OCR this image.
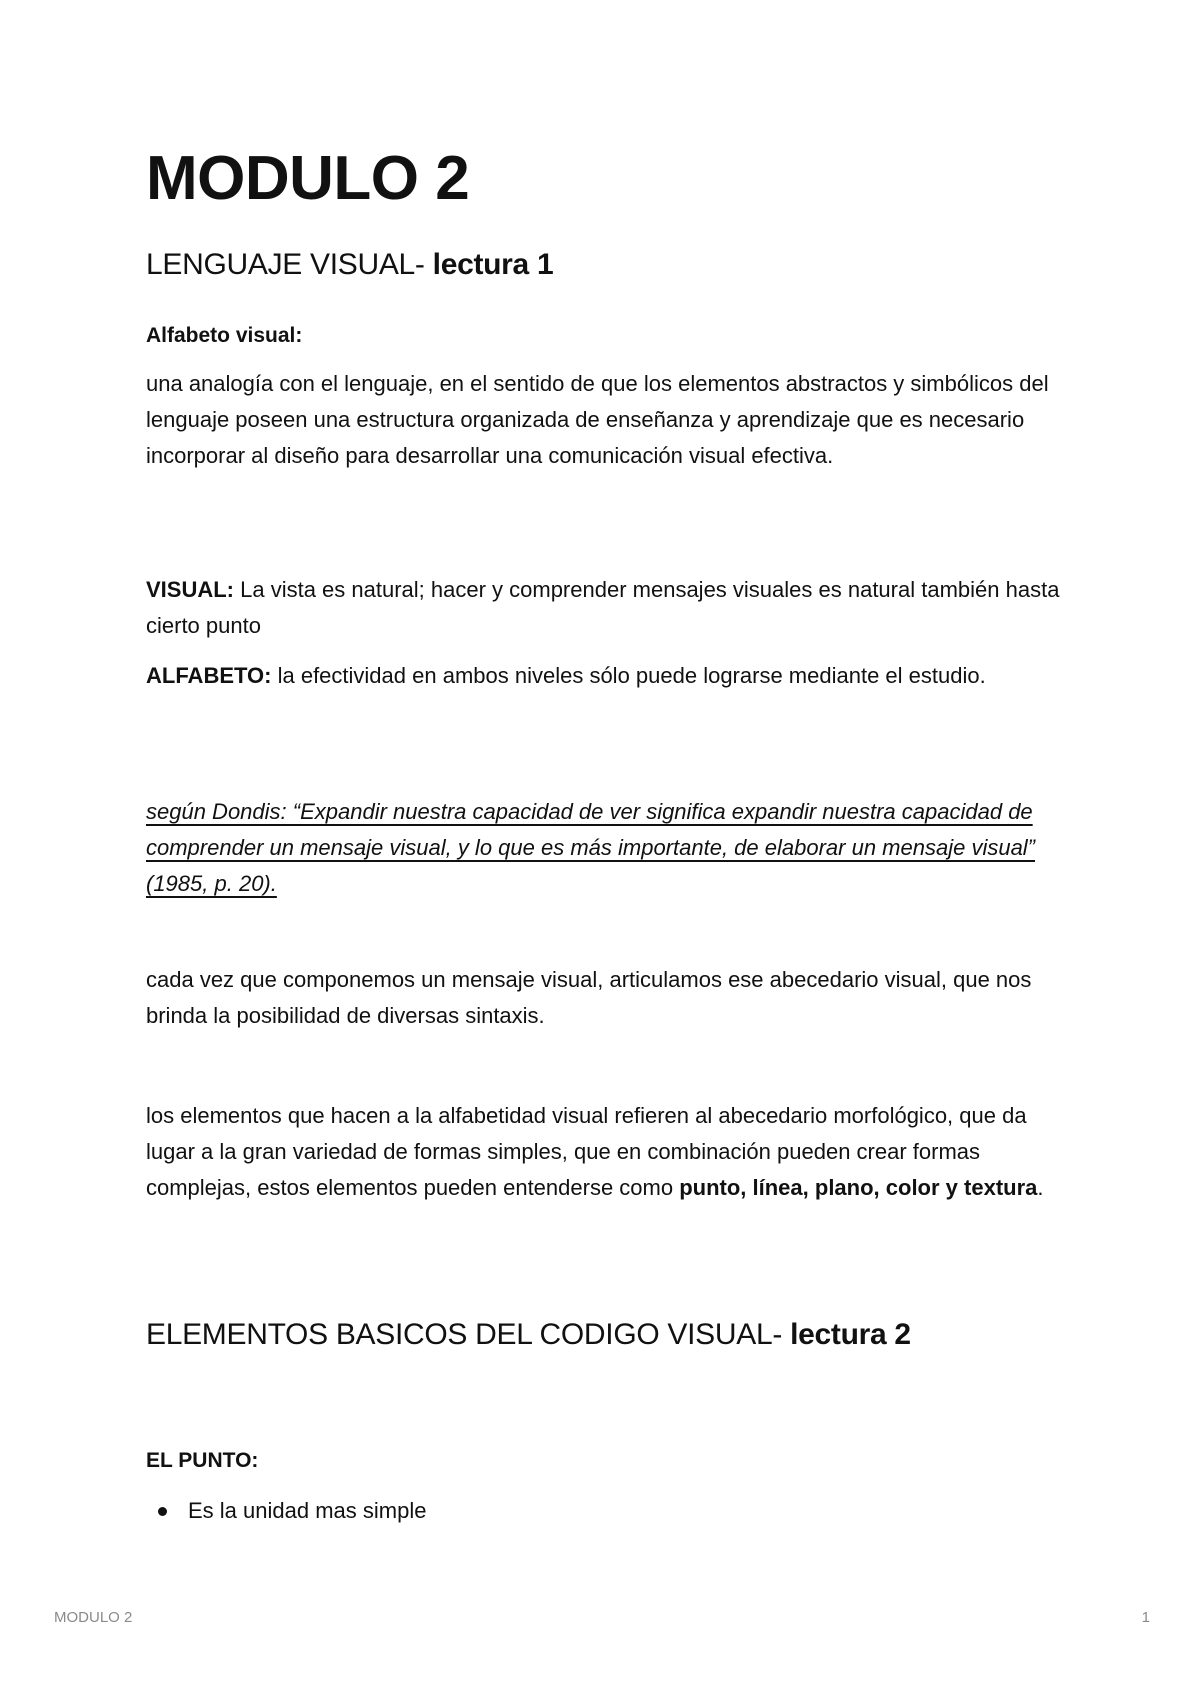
MODULO 2
LENGUAJE VISUAL- lectura 1

Alfabeto visual:

una analogía con el lenguaje, en el sentido de que los elementos abstractos y simbólicos del lenguaje poseen una estructura organizada de enseñanza y aprendizaje que es necesario incorporar al diseño para desarrollar una comunicación visual efectiva.

VISUAL: La vista es natural; hacer y comprender mensajes visuales es natural también hasta cierto punto

ALFABETO: la efectividad en ambos niveles sólo puede lograrse mediante el estudio.

según Dondis: “Expandir nuestra capacidad de ver significa expandir nuestra capacidad de comprender un mensaje visual, y lo que es más importante, de elaborar un mensaje visual” (1985, p. 20).

cada vez que componemos un mensaje visual, articulamos ese abecedario visual, que nos brinda la posibilidad de diversas sintaxis.

los elementos que hacen a la alfabetidad visual refieren al abecedario morfológico, que da lugar a la gran variedad de formas simples, que en combinación pueden crear formas complejas, estos elementos pueden entenderse como punto, línea, plano, color y textura.

ELEMENTOS BASICOS DEL CODIGO VISUAL- lectura 2

EL PUNTO:

Es la unidad mas simple
MODULO 2	1
